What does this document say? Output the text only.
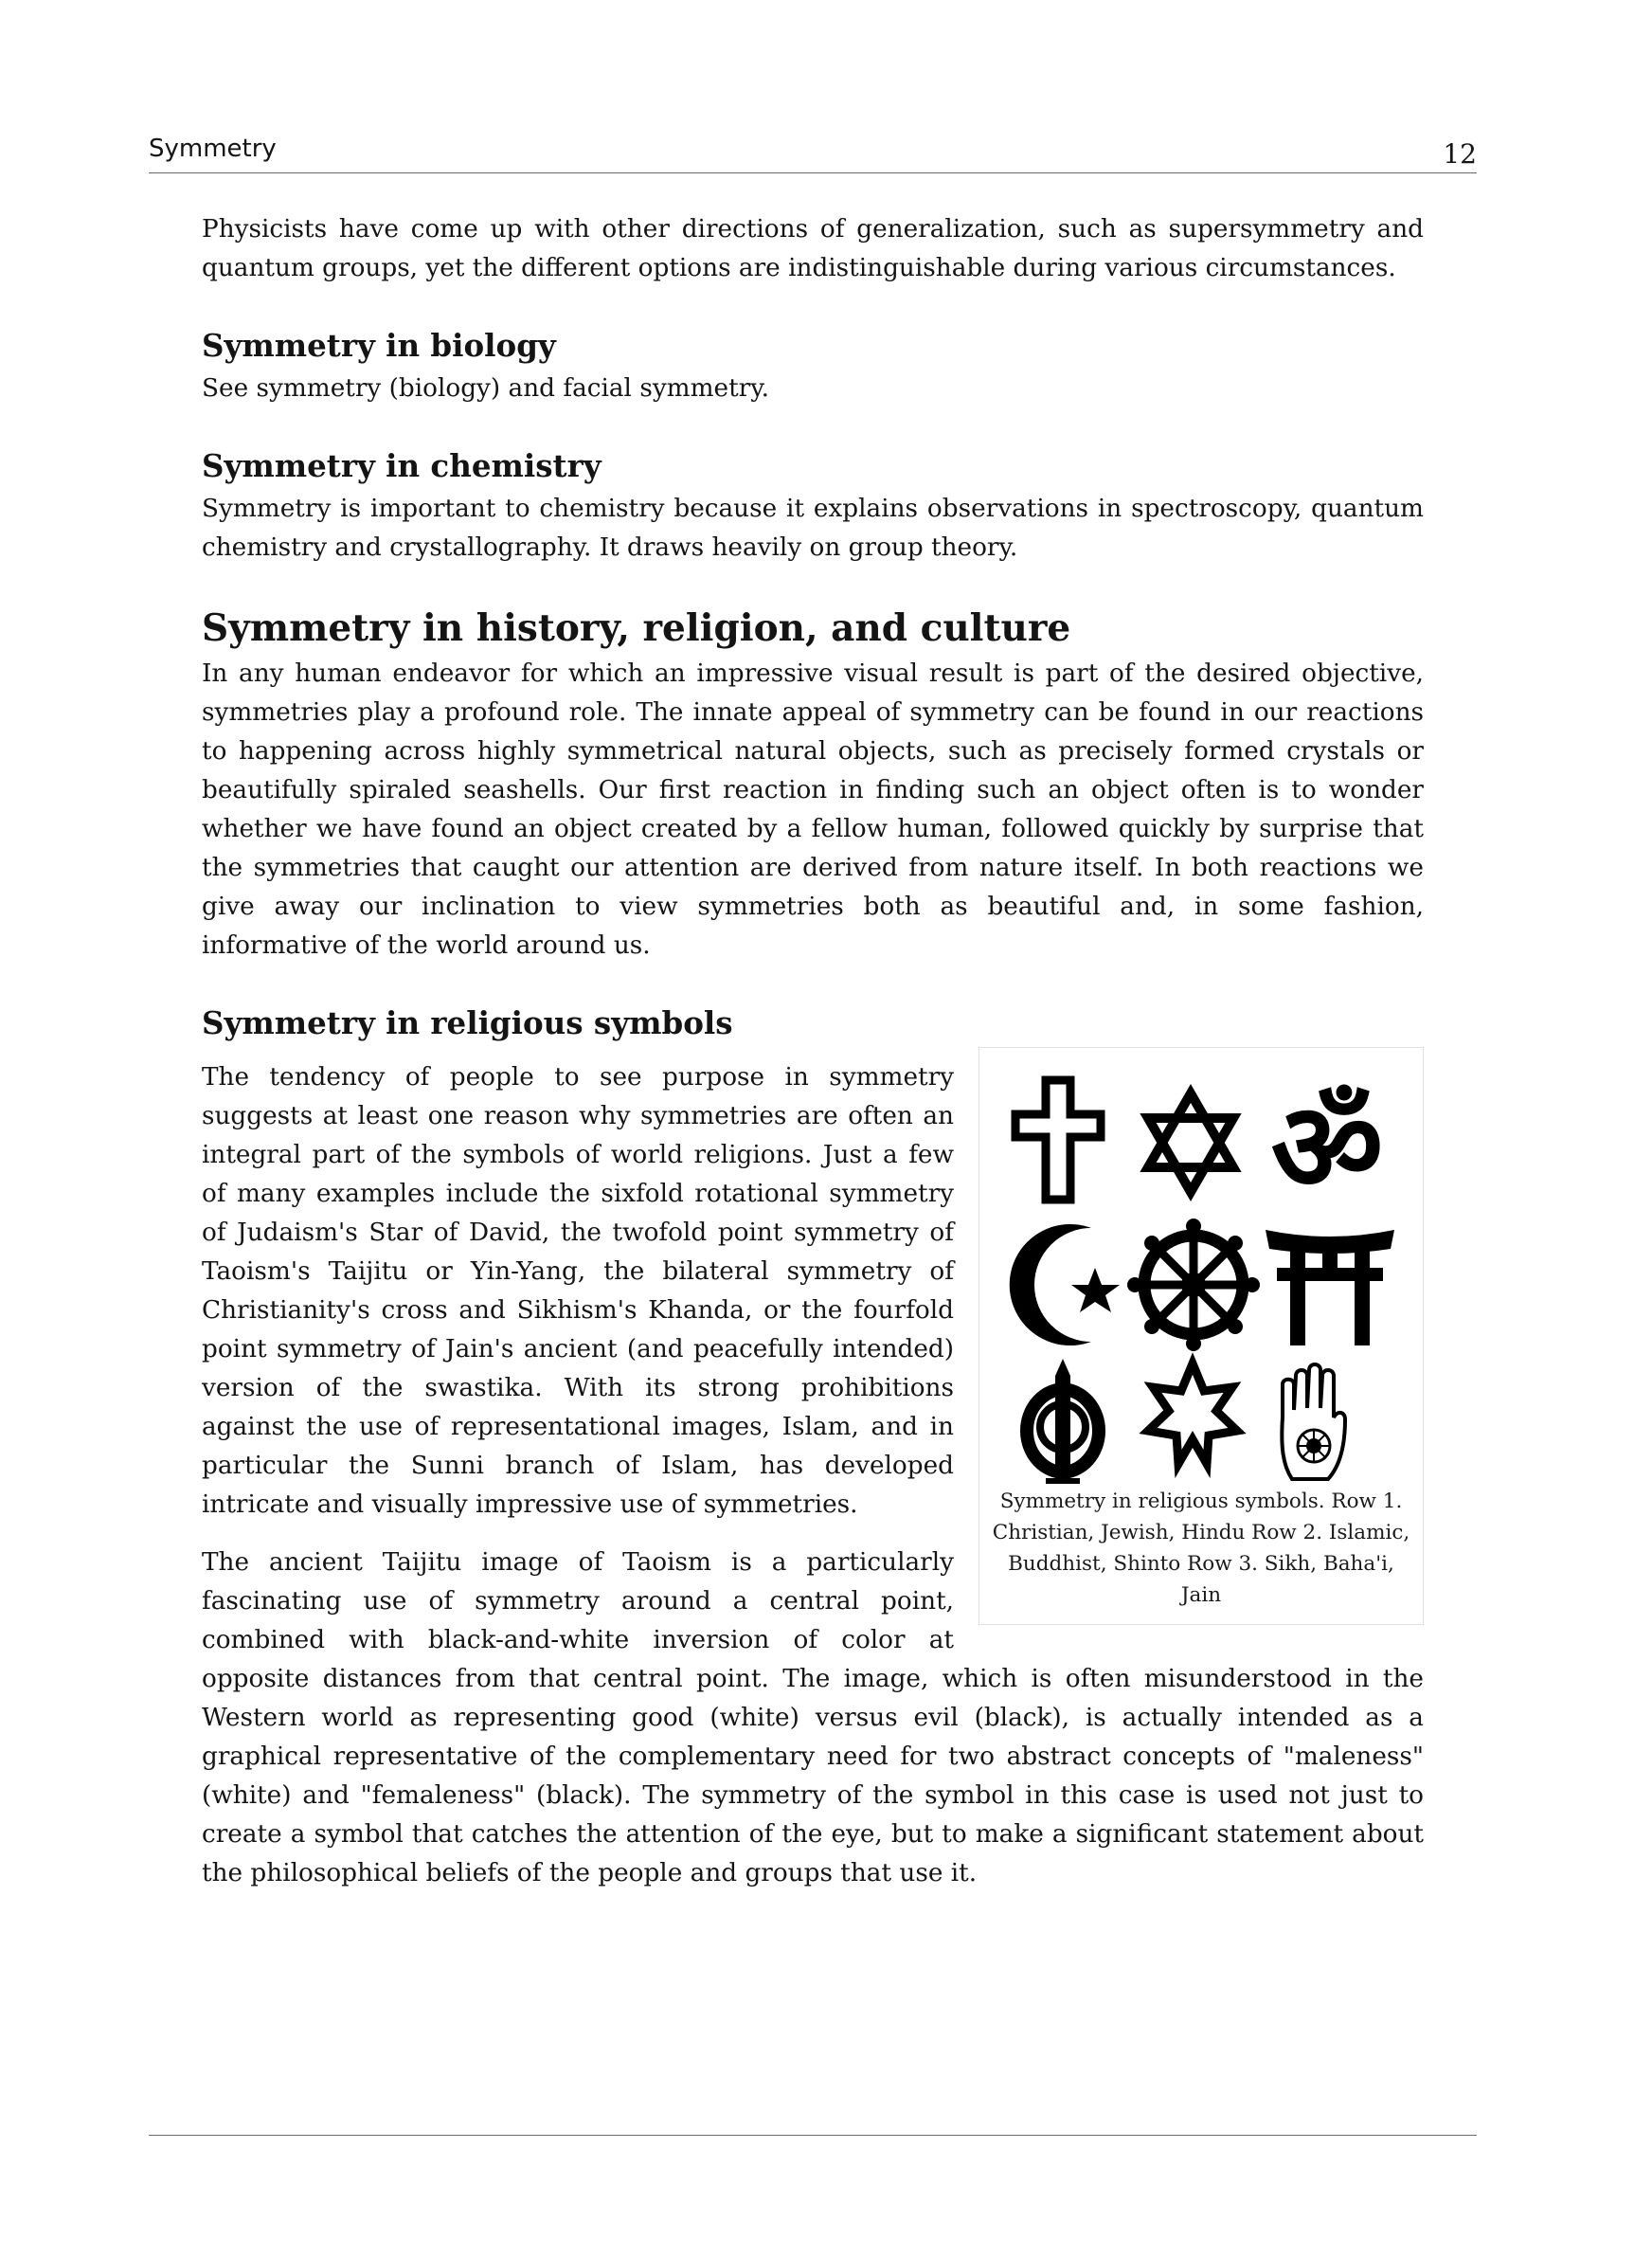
Symmetry	12

Physicists have come up with other directions of generalization, such as supersymmetry and quantum groups, yet the different options are indistinguishable during various circumstances.

Symmetry in biology

See symmetry (biology) and facial symmetry.

Symmetry in chemistry

Symmetry is important to chemistry because it explains observations in spectroscopy, quantum chemistry and crystallography. It draws heavily on group theory.

Symmetry in history, religion, and culture

In any human endeavor for which an impressive visual result is part of the desired objective, symmetries play a profound role. The innate appeal of symmetry can be found in our reactions to happening across highly symmetrical natural objects, such as precisely formed crystals or beautifully spiraled seashells. Our first reaction in finding such an object often is to wonder whether we have found an object created by a fellow human, followed quickly by surprise that the symmetries that caught our attention are derived from nature itself. In both reactions we give away our inclination to view symmetries both as beautiful and, in some fashion, informative of the world around us.

Symmetry in religious symbols
ॐ
Symmetry in religious symbols. Row 1. Christian, Jewish, Hindu Row 2. Islamic, Buddhist, Shinto Row 3. Sikh, Baha'i, Jain

The tendency of people to see purpose in symmetry suggests at least one reason why symmetries are often an integral part of the symbols of world religions. Just a few of many examples include the sixfold rotational symmetry of Judaism's Star of David, the twofold point symmetry of Taoism's Taijitu or Yin-Yang, the bilateral symmetry of Christianity's cross and Sikhism's Khanda, or the fourfold point symmetry of Jain's ancient (and peacefully intended) version of the swastika. With its strong prohibitions against the use of representational images, Islam, and in particular the Sunni branch of Islam, has developed intricate and visually impressive use of symmetries.

The ancient Taijitu image of Taoism is a particularly fascinating use of symmetry around a central point, combined with black-and-white inversion of color at opposite distances from that central point. The image, which is often misunderstood in the Western world as representing good (white) versus evil (black), is actually intended as a graphical representative of the complementary need for two abstract concepts of "maleness" (white) and "femaleness" (black). The symmetry of the symbol in this case is used not just to create a symbol that catches the attention of the eye, but to make a significant statement about the philosophical beliefs of the people and groups that use it.
